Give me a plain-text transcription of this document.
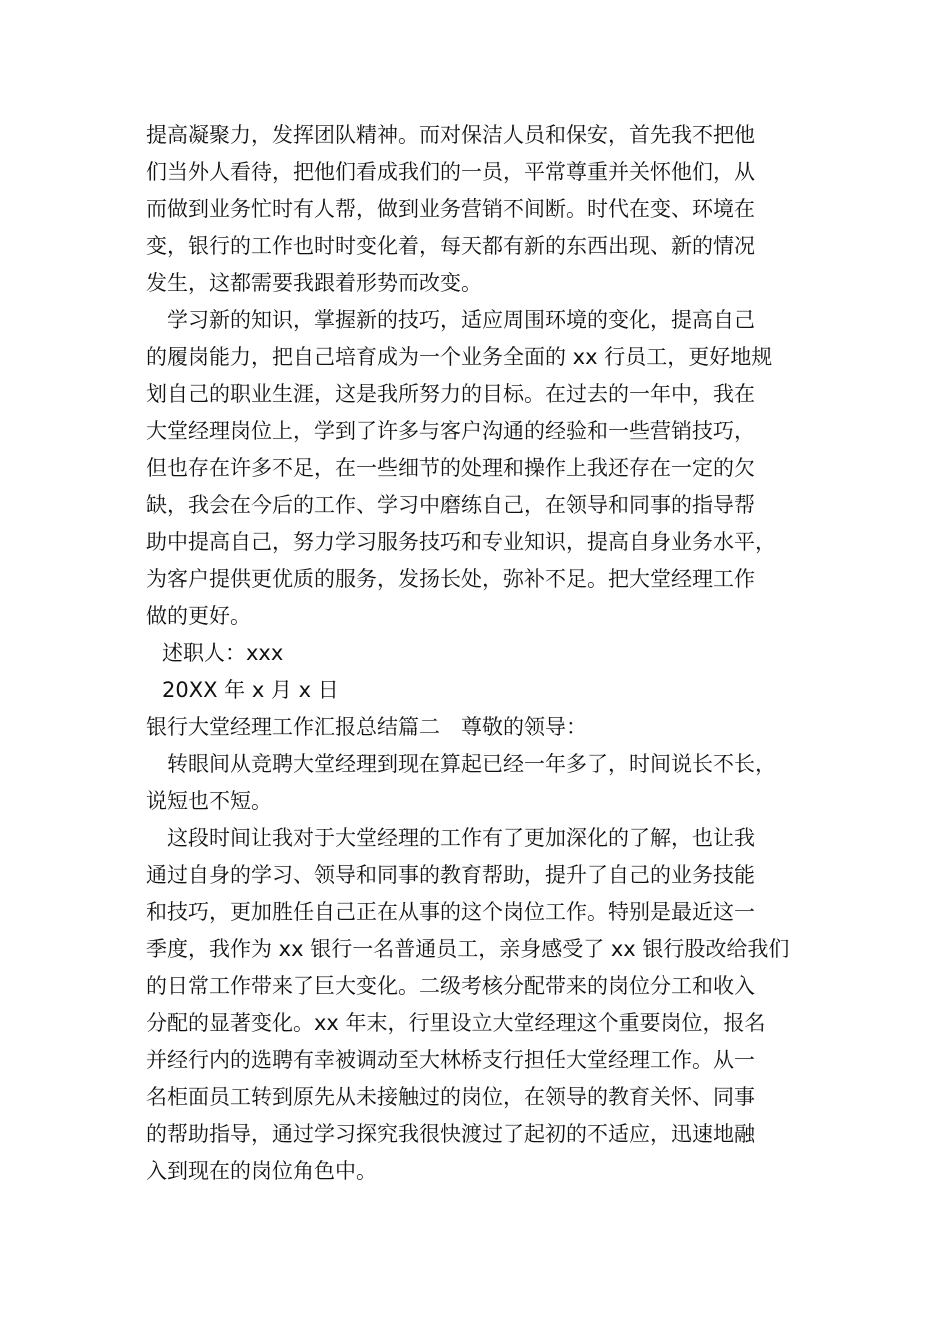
提高凝聚力，发挥团队精神。而对保洁人员和保安，首先我不把他
们当外人看待，把他们看成我们的一员，平常尊重并关怀他们，从
而做到业务忙时有人帮，做到业务营销不间断。时代在变、环境在
变，银行的工作也时时变化着，每天都有新的东西出现、新的情况
发生，这都需要我跟着形势而改变。
学习新的知识，掌握新的技巧，适应周围环境的变化，提高自己
的履岗能力，把自己培育成为一个业务全面的 xx 行员工，更好地规
划自己的职业生涯，这是我所努力的目标。在过去的一年中，我在
大堂经理岗位上，学到了许多与客户沟通的经验和一些营销技巧，
但也存在许多不足，在一些细节的处理和操作上我还存在一定的欠
缺，我会在今后的工作、学习中磨练自己，在领导和同事的指导帮
助中提高自己，努力学习服务技巧和专业知识，提高自身业务水平，
为客户提供更优质的服务，发扬长处，弥补不足。把大堂经理工作
做的更好。
述职人：xxx
20XX 年 x 月 x 日
银行大堂经理工作汇报总结篇二　尊敬的领导：
转眼间从竞聘大堂经理到现在算起已经一年多了，时间说长不长，
说短也不短。
这段时间让我对于大堂经理的工作有了更加深化的了解，也让我
通过自身的学习、领导和同事的教育帮助，提升了自己的业务技能
和技巧，更加胜任自己正在从事的这个岗位工作。特别是最近这一
季度，我作为 xx 银行一名普通员工，亲身感受了 xx 银行股改给我们
的日常工作带来了巨大变化。二级考核分配带来的岗位分工和收入
分配的显著变化。xx 年末，行里设立大堂经理这个重要岗位，报名
并经行内的选聘有幸被调动至大林桥支行担任大堂经理工作。从一
名柜面员工转到原先从未接触过的岗位，在领导的教育关怀、同事
的帮助指导，通过学习探究我很快渡过了起初的不适应，迅速地融
入到现在的岗位角色中。
